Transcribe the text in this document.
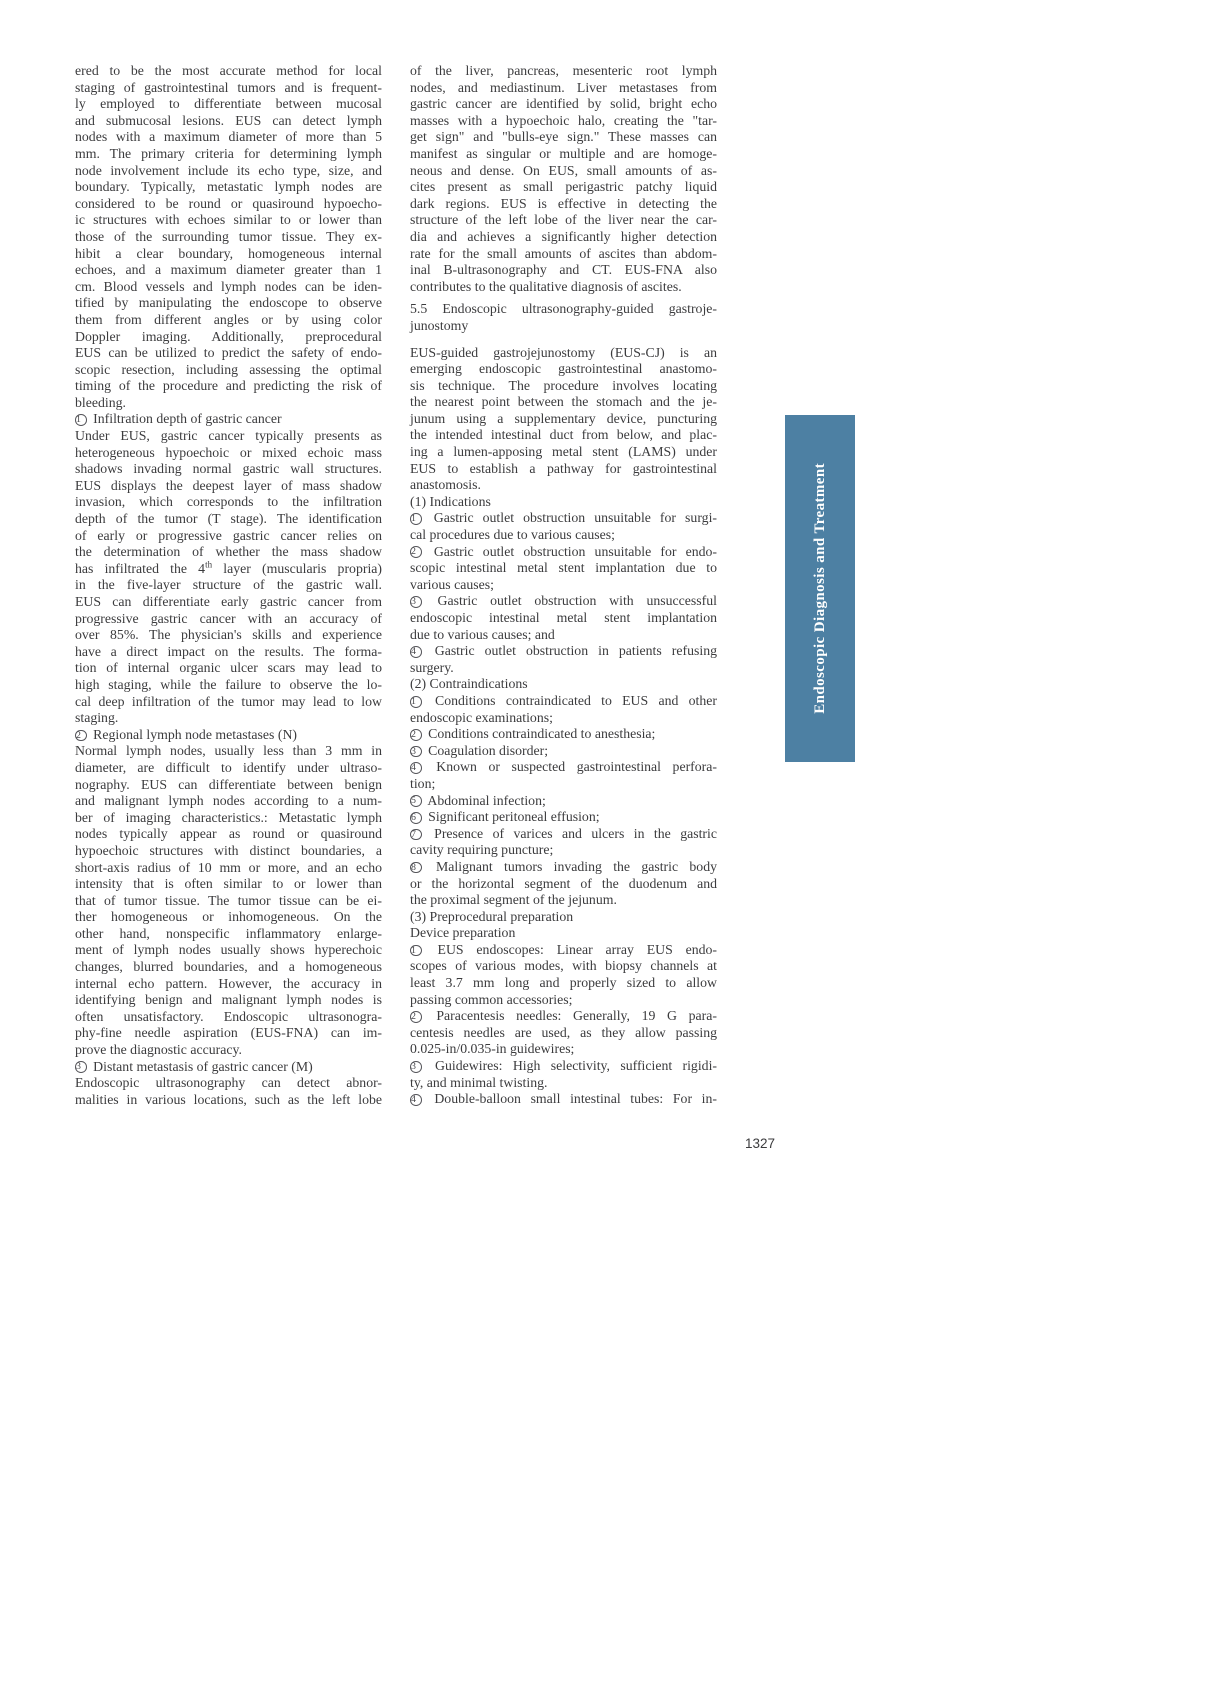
ered to be the most accurate method for local
staging of gastrointestinal tumors and is frequent-
ly employed to differentiate between mucosal
and submucosal lesions. EUS can detect lymph
nodes with a maximum diameter of more than 5
mm. The primary criteria for determining lymph
node involvement include its echo type, size, and
boundary. Typically, metastatic lymph nodes are
considered to be round or quasiround hypoecho-
ic structures with echoes similar to or lower than
those of the surrounding tumor tissue. They ex-
hibit a clear boundary, homogeneous internal
echoes, and a maximum diameter greater than 1
cm. Blood vessels and lymph nodes can be iden-
tified by manipulating the endoscope to observe
them from different angles or by using color
Doppler imaging. Additionally, preprocedural
EUS can be utilized to predict the safety of endo-
scopic resection, including assessing the optimal
timing of the procedure and predicting the risk of
bleeding.
1 Infiltration depth of gastric cancer
Under EUS, gastric cancer typically presents as
heterogeneous hypoechoic or mixed echoic mass
shadows invading normal gastric wall structures.
EUS displays the deepest layer of mass shadow
invasion, which corresponds to the infiltration
depth of the tumor (T stage). The identification
of early or progressive gastric cancer relies on
the determination of whether the mass shadow
has infiltrated the 4th layer (muscularis propria)
in the five-layer structure of the gastric wall.
EUS can differentiate early gastric cancer from
progressive gastric cancer with an accuracy of
over 85%. The physician's skills and experience
have a direct impact on the results. The forma-
tion of internal organic ulcer scars may lead to
high staging, while the failure to observe the lo-
cal deep infiltration of the tumor may lead to low
staging.
2 Regional lymph node metastases (N)
Normal lymph nodes, usually less than 3 mm in
diameter, are difficult to identify under ultraso-
nography. EUS can differentiate between benign
and malignant lymph nodes according to a num-
ber of imaging characteristics.: Metastatic lymph
nodes typically appear as round or quasiround
hypoechoic structures with distinct boundaries, a
short-axis radius of 10 mm or more, and an echo
intensity that is often similar to or lower than
that of tumor tissue. The tumor tissue can be ei-
ther homogeneous or inhomogeneous. On the
other hand, nonspecific inflammatory enlarge-
ment of lymph nodes usually shows hyperechoic
changes, blurred boundaries, and a homogeneous
internal echo pattern. However, the accuracy in
identifying benign and malignant lymph nodes is
often unsatisfactory. Endoscopic ultrasonogra-
phy-fine needle aspiration (EUS-FNA) can im-
prove the diagnostic accuracy.
3 Distant metastasis of gastric cancer (M)
Endoscopic ultrasonography can detect abnor-
malities in various locations, such as the left lobe
of the liver, pancreas, mesenteric root lymph
nodes, and mediastinum. Liver metastases from
gastric cancer are identified by solid, bright echo
masses with a hypoechoic halo, creating the "tar-
get sign" and "bulls-eye sign." These masses can
manifest as singular or multiple and are homoge-
neous and dense. On EUS, small amounts of as-
cites present as small perigastric patchy liquid
dark regions. EUS is effective in detecting the
structure of the left lobe of the liver near the car-
dia and achieves a significantly higher detection
rate for the small amounts of ascites than abdom-
inal B-ultrasonography and CT. EUS-FNA also
contributes to the qualitative diagnosis of ascites.
5.5 Endoscopic ultrasonography-guided gastroje-
junostomy
EUS-guided gastrojejunostomy (EUS-CJ) is an
emerging endoscopic gastrointestinal anastomo-
sis technique. The procedure involves locating
the nearest point between the stomach and the je-
junum using a supplementary device, puncturing
the intended intestinal duct from below, and plac-
ing a lumen-apposing metal stent (LAMS) under
EUS to establish a pathway for gastrointestinal
anastomosis.
(1) Indications
1 Gastric outlet obstruction unsuitable for surgi-
cal procedures due to various causes;
2 Gastric outlet obstruction unsuitable for endo-
scopic intestinal metal stent implantation due to
various causes;
3 Gastric outlet obstruction with unsuccessful
endoscopic intestinal metal stent implantation
due to various causes; and
4 Gastric outlet obstruction in patients refusing
surgery.
(2) Contraindications
1 Conditions contraindicated to EUS and other
endoscopic examinations;
2 Conditions contraindicated to anesthesia;
3 Coagulation disorder;
4 Known or suspected gastrointestinal perfora-
tion;
5 Abdominal infection;
6 Significant peritoneal effusion;
7 Presence of varices and ulcers in the gastric
cavity requiring puncture;
8 Malignant tumors invading the gastric body
or the horizontal segment of the duodenum and
the proximal segment of the jejunum.
(3) Preprocedural preparation
Device preparation
1 EUS endoscopes: Linear array EUS endo-
scopes of various modes, with biopsy channels at
least 3.7 mm long and properly sized to allow
passing common accessories;
2 Paracentesis needles: Generally, 19 G para-
centesis needles are used, as they allow passing
0.025-in/0.035-in guidewires;
3 Guidewires: High selectivity, sufficient rigidi-
ty, and minimal twisting.
4 Double-balloon small intestinal tubes: For in-
Endoscopic Diagnosis and Treatment
1327
